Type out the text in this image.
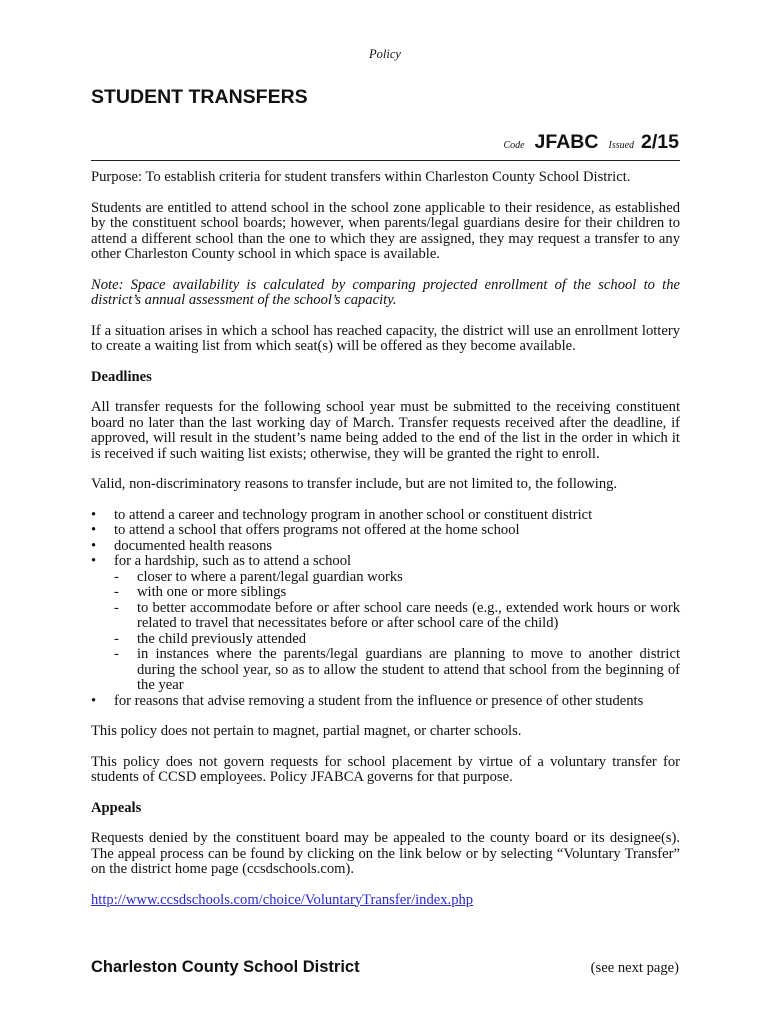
Policy
STUDENT TRANSFERS
Code JFABC Issued 2/15

Purpose: To establish criteria for student transfers within Charleston County School District.

Students are entitled to attend school in the school zone applicable to their residence, as established by the constituent school boards; however, when parents/legal guardians desire for their children to attend a different school than the one to which they are assigned, they may request a transfer to any other Charleston County school in which space is available.

Note: Space availability is calculated by comparing projected enrollment of the school to the district’s annual assessment of the school’s capacity.

If a situation arises in which a school has reached capacity, the district will use an enrollment lottery to create a waiting list from which seat(s) will be offered as they become available.

Deadlines

All transfer requests for the following school year must be submitted to the receiving constituent board no later than the last working day of March. Transfer requests received after the deadline, if approved, will result in the student’s name being added to the end of the list in the order in which it is received if such waiting list exists; otherwise, they will be granted the right to enroll.

Valid, non-discriminatory reasons to transfer include, but are not limited to, the following.

• to attend a career and technology program in another school or constituent district
• to attend a school that offers programs not offered at the home school
• documented health reasons
• for a hardship, such as to attend a school
- closer to where a parent/legal guardian works
- with one or more siblings
- to better accommodate before or after school care needs (e.g., extended work hours or work related to travel that necessitates before or after school care of the child)
- the child previously attended
- in instances where the parents/legal guardians are planning to move to another district during the school year, so as to allow the student to attend that school from the beginning of the year
• for reasons that advise removing a student from the influence or presence of other students

This policy does not pertain to magnet, partial magnet, or charter schools.

This policy does not govern requests for school placement by virtue of a voluntary transfer for students of CCSD employees. Policy JFABCA governs for that purpose.

Appeals

Requests denied by the constituent board may be appealed to the county board or its designee(s). The appeal process can be found by clicking on the link below or by selecting “Voluntary Transfer” on the district home page (ccsdschools.com).

http://www.ccsdschools.com/choice/VoluntaryTransfer/index.php

Charleston County School District	(see next page)
